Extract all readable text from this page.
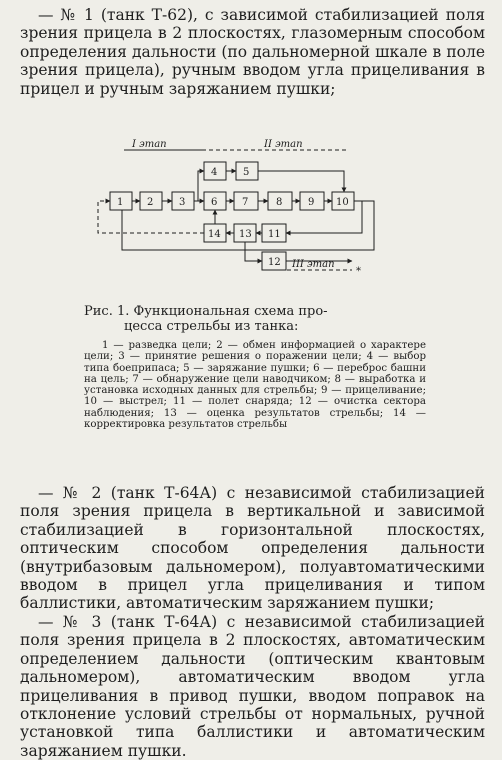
— № 1 (танк Т-62), с зависимой стабилизацией поля зрения прицела в 2 плоскостях, глазомерным способом определения дальности (по дальномерной шкале в поле зрения прицела), ручным вводом угла прицеливания в прицел и ручным заряжанием пушки;

I этап	II этап
III этап
*
1 2	3
4	5
6 7	8	9 10
11
12
13
14
Рис. 1. Функциональная схема про-
цесса стрельбы из танка:

1 — разведка цели; 2 — обмен информацией о характере цели; 3 — принятие решения о поражении цели; 4 — выбор типа боеприпаса; 5 — заряжание пушки; 6 — переброс башни на цель; 7 — обнаружение цели наводчиком; 8 — выработка и установка исходных данных для стрельбы; 9 — прицеливание; 10 — выстрел; 11 — полет снаряда; 12 — очистка сектора наблюдения; 13 — оценка результатов стрельбы; 14 — корректировка результатов стрельбы

— № 2 (танк Т-64А) с независимой стабилизацией поля зрения прицела в вертикальной и зависимой стабилизацией в горизонтальной плоскостях, оптическим способом определения дальности (внутрибазовым дальномером), полуавтоматическими вводом в прицел угла прицеливания и типом баллистики, автоматическим заряжанием пушки;

— № 3 (танк Т-64А) с независимой стабилизацией поля зрения прицела в 2 плоскостях, автоматическим определением дальности (оптическим квантовым дальномером), автоматическим вводом угла прицеливания в привод пушки, вводом поправок на отклонение условий стрельбы от нормальных, ручной установкой типа баллистики и автоматическим заряжанием пушки.
